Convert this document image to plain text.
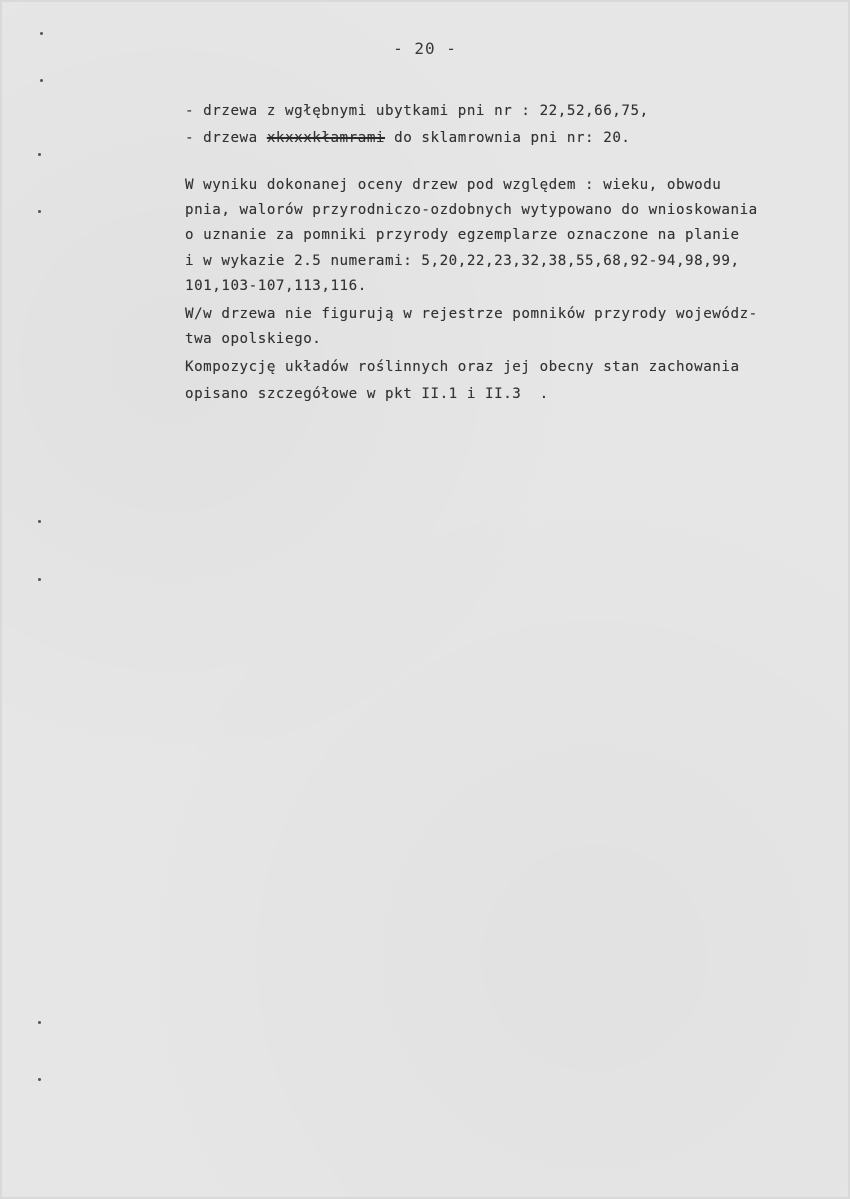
- 20 -
- drzewa z wgłębnymi ubytkami pni nr : 22,52,66,75,
- drzewa xkxxxkłamrami do sklamrownia pni nr: 20.
W wyniku dokonanej oceny drzew pod względem : wieku, obwodu
pnia, walorów przyrodniczo-ozdobnych wytypowano do wnioskowania
o uznanie za pomniki przyrody egzemplarze oznaczone na planie
i w wykazie 2.5 numerami: 5,20,22,23,32,38,55,68,92-94,98,99,
101,103-107,113,116.
W/w drzewa nie figurują w rejestrze pomników przyrody wojewódz-
twa opolskiego.
Kompozycję układów roślinnych oraz jej obecny stan zachowania
opisano szczegółowe w pkt II.1 i II.3  .
